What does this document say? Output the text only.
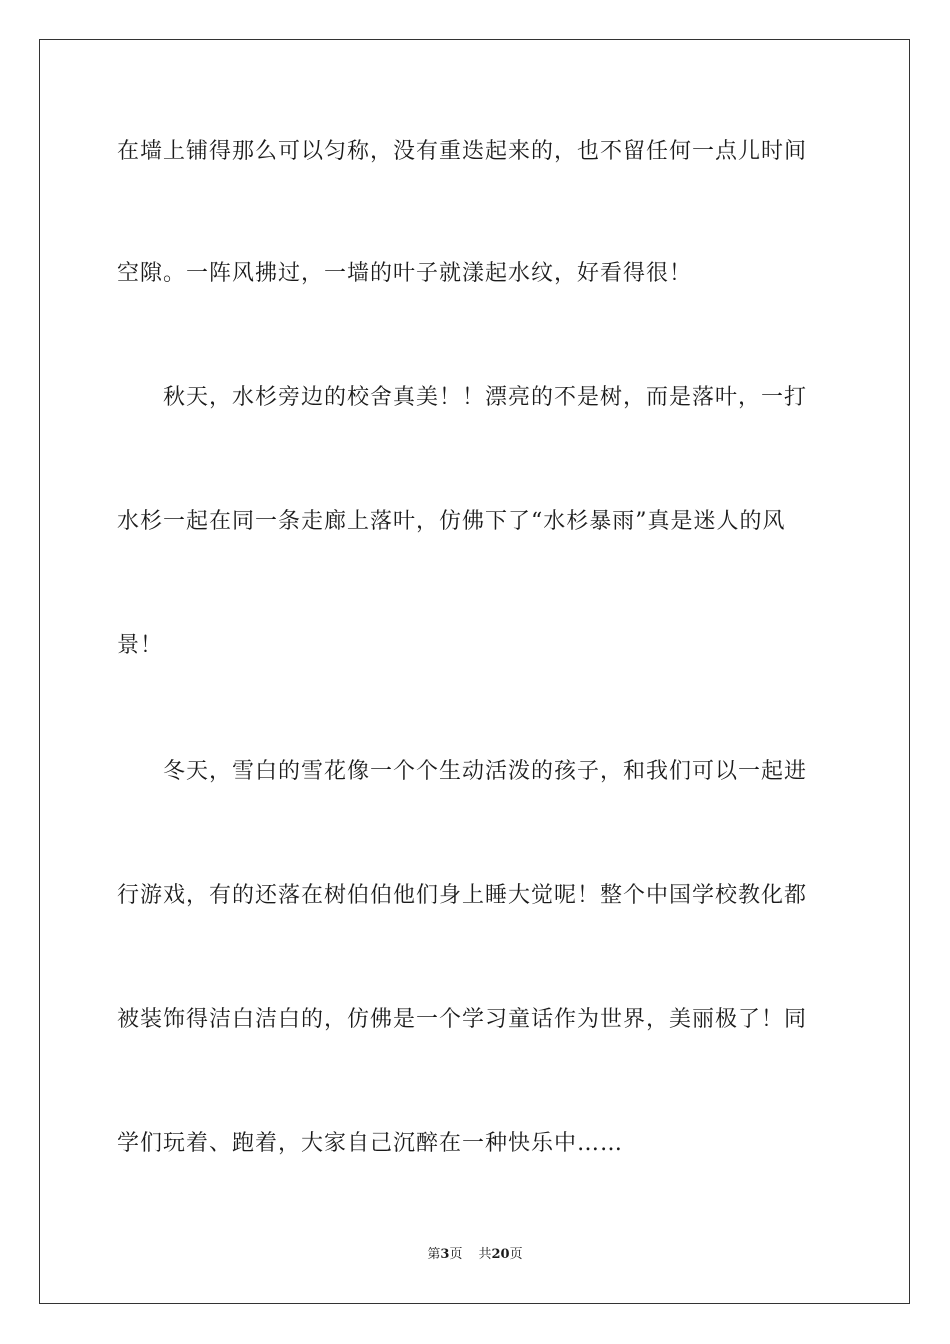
在墙上铺得那么可以匀称，没有重迭起来的，也不留任何一点儿时间
空隙。一阵风拂过，一墙的叶子就漾起水纹，好看得很！
秋天，水杉旁边的校舍真美！！漂亮的不是树，而是落叶，一打
水杉一起在同一条走廊上落叶，仿佛下了“水杉暴雨”真是迷人的风
景！
冬天，雪白的雪花像一个个生动活泼的孩子，和我们可以一起进
行游戏，有的还落在树伯伯他们身上睡大觉呢！整个中国学校教化都
被装饰得洁白洁白的，仿佛是一个学习童话作为世界，美丽极了！同
学们玩着、跑着，大家自己沉醉在一种快乐中……
第3页 共20页
